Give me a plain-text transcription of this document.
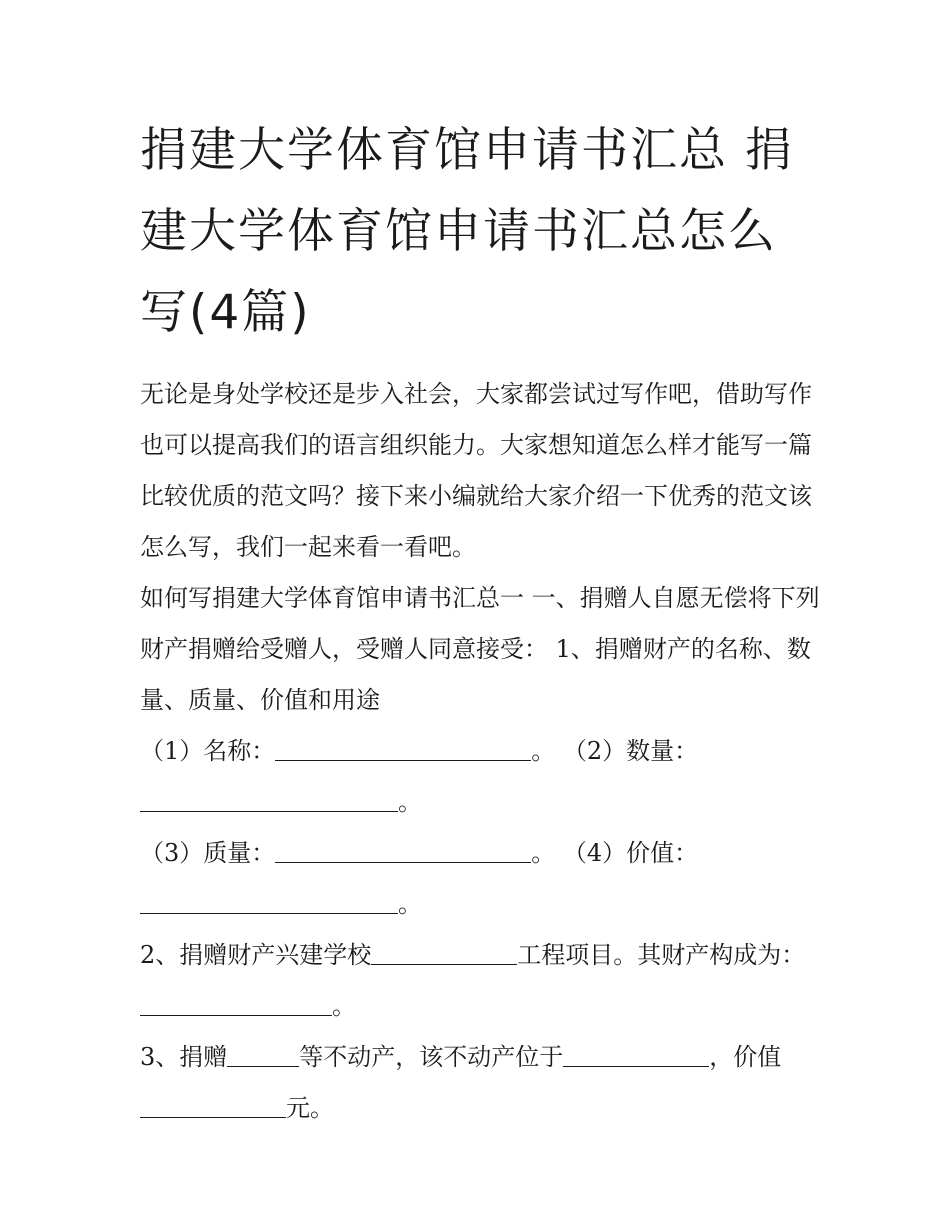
捐建大学体育馆申请书汇总 捐建大学体育馆申请书汇总怎么写(4篇)

无论是身处学校还是步入社会，大家都尝试过写作吧，借助写作也可以提高我们的语言组织能力。大家想知道怎么样才能写一篇比较优质的范文吗？接下来小编就给大家介绍一下优秀的范文该怎么写，我们一起来看一看吧。

如何写捐建大学体育馆申请书汇总一 一、捐赠人自愿无偿将下列财产捐赠给受赠人，受赠人同意接受： 1、捐赠财产的名称、数量、质量、价值和用途

（1）名称：	。 （2）数量：。

（3）质量：	。 （4）价值：。

2、捐赠财产兴建学校	工程项目。其财产构成为：。

3、捐赠	等不动产，该不动产位于	，价值
元。
